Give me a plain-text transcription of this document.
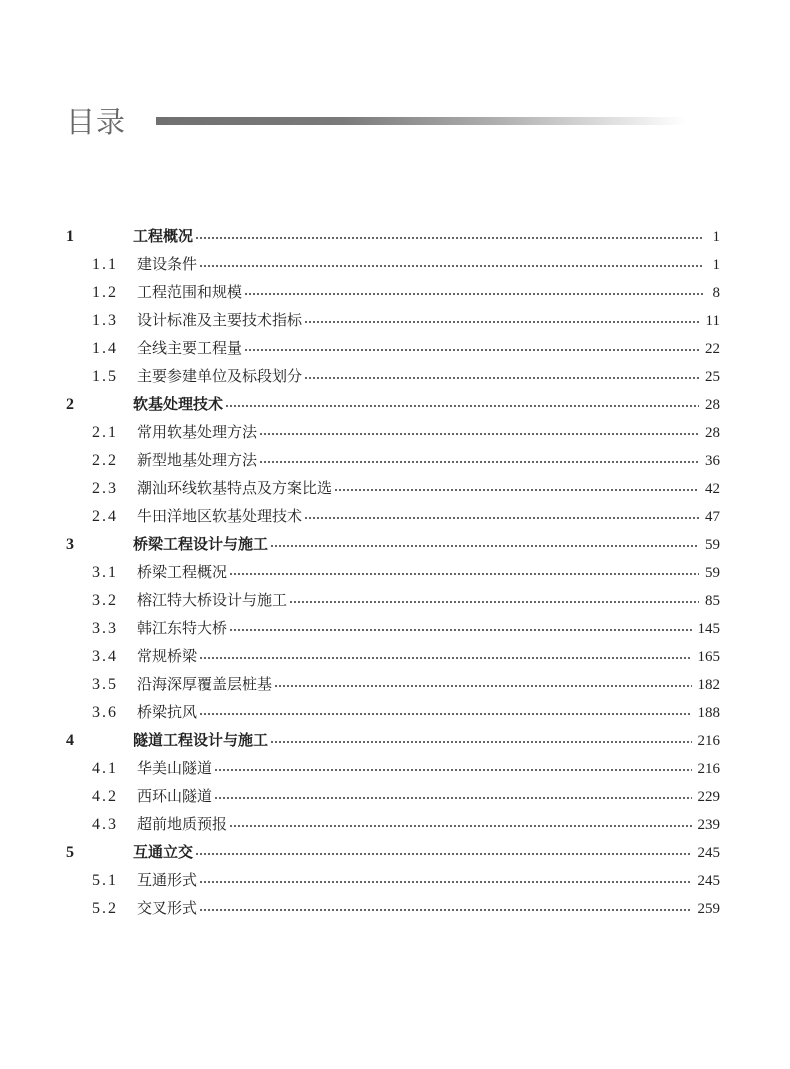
目录
1	工程概况	1
1.1	建设条件	1
1.2	工程范围和规模	8
1.3	设计标准及主要技术指标	11
1.4	全线主要工程量	22
1.5	主要参建单位及标段划分	25
2	软基处理技术	28
2.1	常用软基处理方法	28
2.2	新型地基处理方法	36
2.3	潮汕环线软基特点及方案比选	42
2.4	牛田洋地区软基处理技术	47
3	桥梁工程设计与施工	59
3.1	桥梁工程概况	59
3.2	榕江特大桥设计与施工	85
3.3	韩江东特大桥	145
3.4	常规桥梁	165
3.5	沿海深厚覆盖层桩基	182
3.6	桥梁抗风	188
4	隧道工程设计与施工	216
4.1	华美山隧道	216
4.2	西环山隧道	229
4.3	超前地质预报	239
5	互通立交	245
5.1	互通形式	245
5.2	交叉形式	259
